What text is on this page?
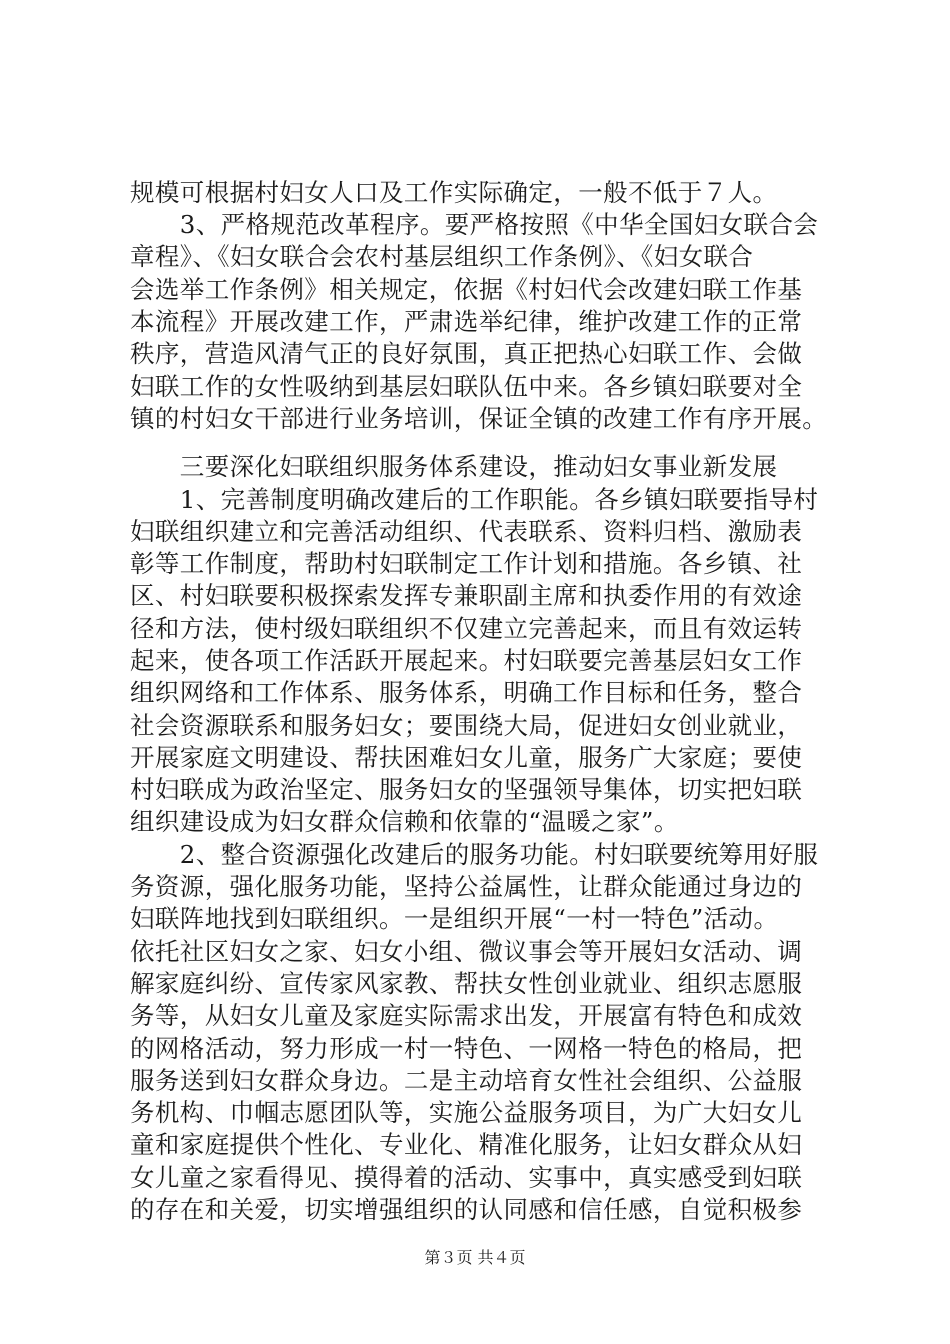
规模可根据村妇女人口及工作实际确定，一般不低于７人。
　　3、严格规范改革程序。要严格按照《中华全国妇女联合会
章程》、《妇女联合会农村基层组织工作条例》、《妇女联合
会选举工作条例》相关规定，依据《村妇代会改建妇联工作基
本流程》开展改建工作，严肃选举纪律，维护改建工作的正常
秩序，营造风清气正的良好氛围，真正把热心妇联工作、会做
妇联工作的女性吸纳到基层妇联队伍中来。各乡镇妇联要对全
镇的村妇女干部进行业务培训，保证全镇的改建工作有序开展。
　　三要深化妇联组织服务体系建设，推动妇女事业新发展
　　1、完善制度明确改建后的工作职能。各乡镇妇联要指导村
妇联组织建立和完善活动组织、代表联系、资料归档、激励表
彰等工作制度，帮助村妇联制定工作计划和措施。各乡镇、社
区、村妇联要积极探索发挥专兼职副主席和执委作用的有效途
径和方法，使村级妇联组织不仅建立完善起来，而且有效运转
起来，使各项工作活跃开展起来。村妇联要完善基层妇女工作
组织网络和工作体系、服务体系，明确工作目标和任务，整合
社会资源联系和服务妇女；要围绕大局，促进妇女创业就业，
开展家庭文明建设、帮扶困难妇女儿童，服务广大家庭；要使
村妇联成为政治坚定、服务妇女的坚强领导集体，切实把妇联
组织建设成为妇女群众信赖和依靠的“温暖之家”。
　　2、整合资源强化改建后的服务功能。村妇联要统筹用好服
务资源，强化服务功能，坚持公益属性，让群众能通过身边的
妇联阵地找到妇联组织。一是组织开展“一村一特色”活动。
依托社区妇女之家、妇女小组、微议事会等开展妇女活动、调
解家庭纠纷、宣传家风家教、帮扶女性创业就业、组织志愿服
务等，从妇女儿童及家庭实际需求出发，开展富有特色和成效
的网格活动，努力形成一村一特色、一网格一特色的格局，把
服务送到妇女群众身边。二是主动培育女性社会组织、公益服
务机构、巾帼志愿团队等，实施公益服务项目，为广大妇女儿
童和家庭提供个性化、专业化、精准化服务，让妇女群众从妇
女儿童之家看得见、摸得着的活动、实事中，真实感受到妇联
的存在和关爱，切实增强组织的认同感和信任感，自觉积极参
第３页 共４页
